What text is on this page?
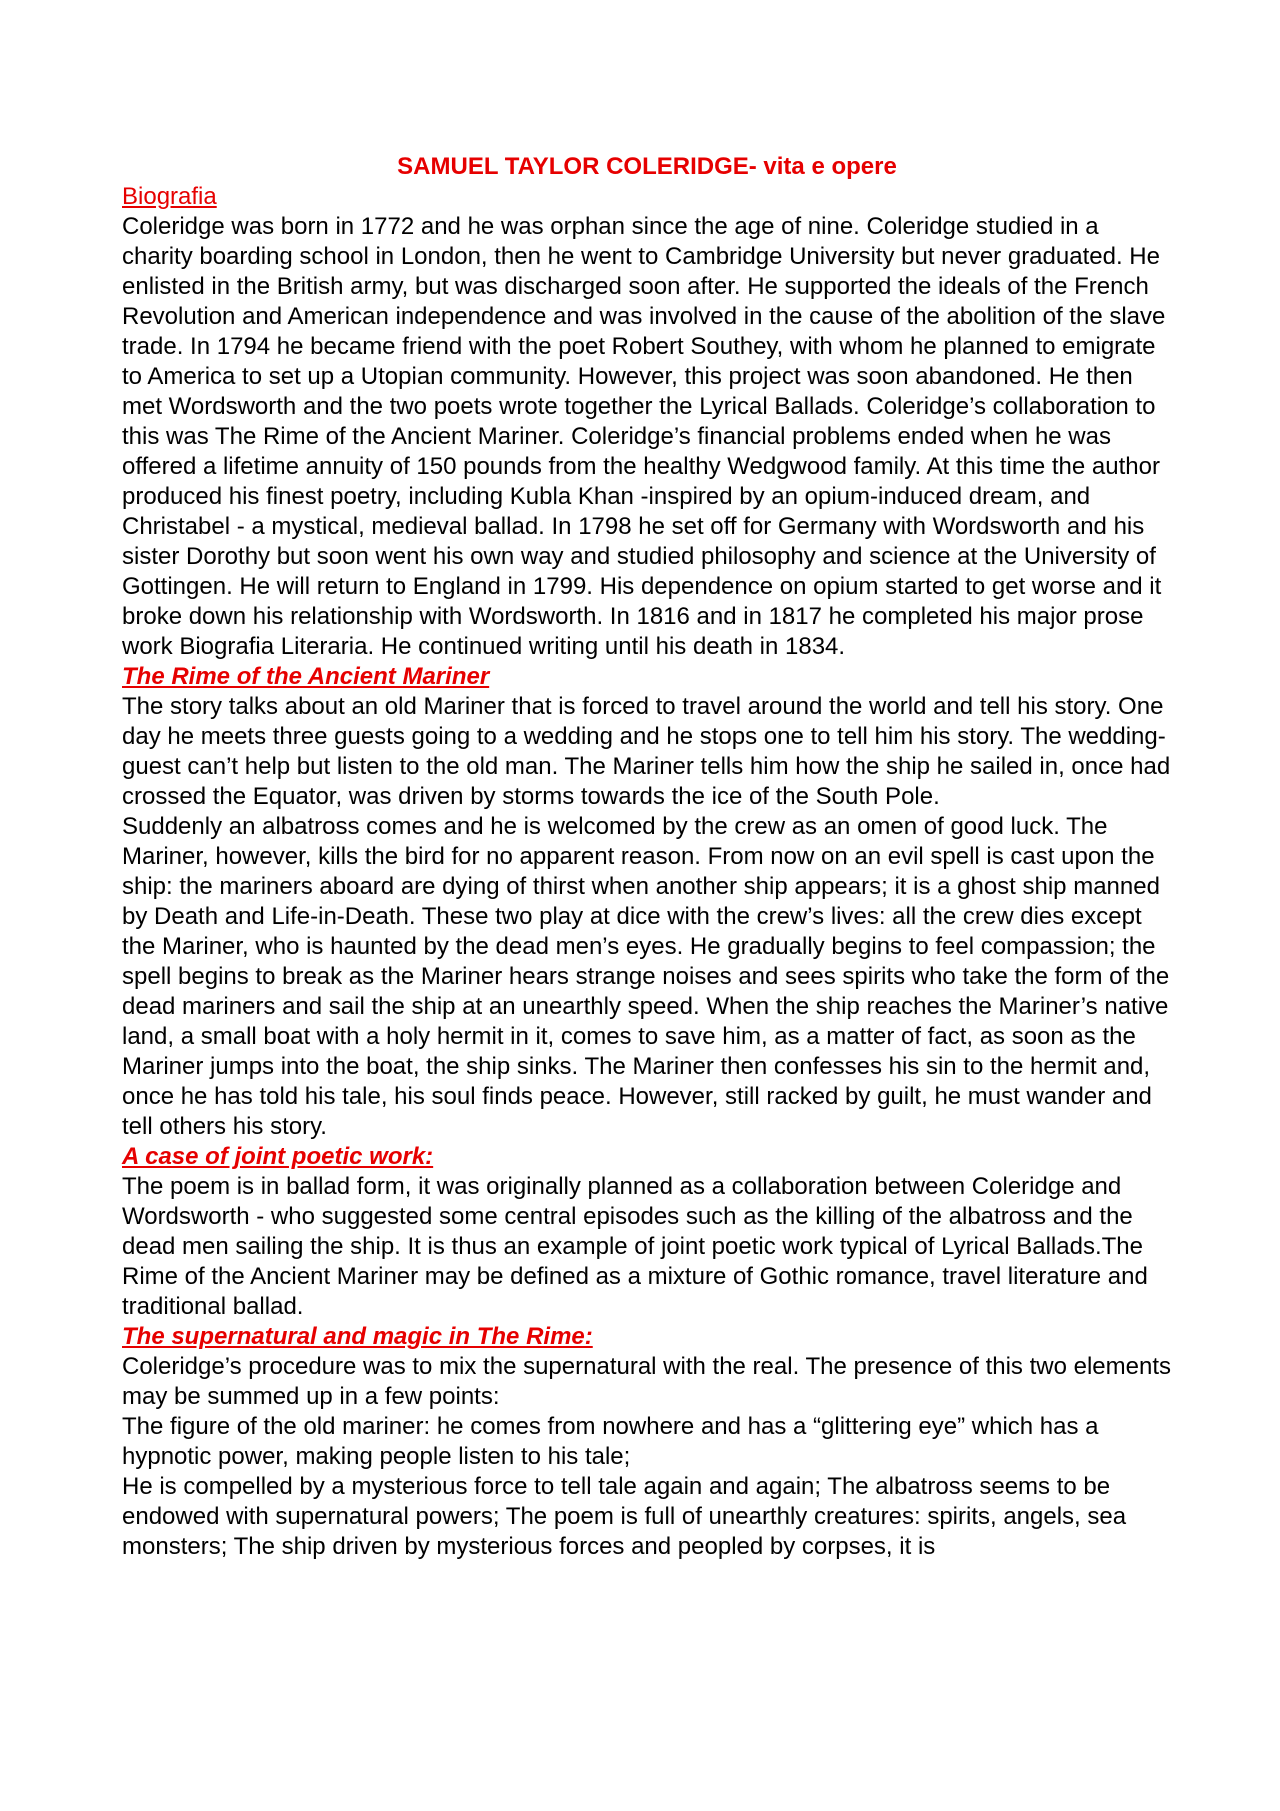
SAMUEL TAYLOR COLERIDGE- vita e opere
Biografia

Coleridge was born in 1772 and he was orphan since the age of nine. Coleridge studied in a charity boarding school in London, then he went to Cambridge University but never graduated. He enlisted in the British army, but was discharged soon after. He supported the ideals of the French Revolution and American independence and was involved in the cause of the abolition of the slave trade. In 1794 he became friend with the poet Robert Southey, with whom he planned to emigrate to America to set up a Utopian community. However, this project was soon abandoned. He then met Wordsworth and the two poets wrote together the Lyrical Ballads. Coleridge’s collaboration to this was The Rime of the Ancient Mariner. Coleridge’s financial problems ended when he was offered a lifetime annuity of 150 pounds from the healthy Wedgwood family. At this time the author produced his finest poetry, including Kubla Khan -inspired by an opium-induced dream, and Christabel - a mystical, medieval ballad. In 1798 he set off for Germany with Wordsworth and his sister Dorothy but soon went his own way and studied philosophy and science at the University of Gottingen. He will return to England in 1799. His dependence on opium started to get worse and it broke down his relationship with Wordsworth. In 1816 and in 1817 he completed his major prose work Biografia Literaria. He continued writing until his death in 1834.

The Rime of the Ancient Mariner

The story talks about an old Mariner that is forced to travel around the world and tell his story. One day he meets three guests going to a wedding and he stops one to tell him his story. The wedding-guest can’t help but listen to the old man. The Mariner tells him how the ship he sailed in, once had crossed the Equator, was driven by storms towards the ice of the South Pole.

Suddenly an albatross comes and he is welcomed by the crew as an omen of good luck. The Mariner, however, kills the bird for no apparent reason. From now on an evil spell is cast upon the ship: the mariners aboard are dying of thirst when another ship appears; it is a ghost ship manned by Death and Life-in-Death. These two play at dice with the crew’s lives: all the crew dies except the Mariner, who is haunted by the dead men’s eyes. He gradually begins to feel compassion; the spell begins to break as the Mariner hears strange noises and sees spirits who take the form of the dead mariners and sail the ship at an unearthly speed. When the ship reaches the Mariner’s native land, a small boat with a holy hermit in it, comes to save him, as a matter of fact, as soon as the Mariner jumps into the boat, the ship sinks. The Mariner then confesses his sin to the hermit and, once he has told his tale, his soul finds peace. However, still racked by guilt, he must wander and tell others his story.

A case of joint poetic work:

The poem is in ballad form, it was originally planned as a collaboration between Coleridge and Wordsworth - who suggested some central episodes such as the killing of the albatross and the dead men sailing the ship. It is thus an example of joint poetic work typical of Lyrical Ballads.The Rime of the Ancient Mariner may be defined as a mixture of Gothic romance, travel literature and traditional ballad.

The supernatural and magic in The Rime:

Coleridge’s procedure was to mix the supernatural with the real. The presence of this two elements may be summed up in a few points:

The figure of the old mariner: he comes from nowhere and has a “glittering eye” which has a hypnotic power, making people listen to his tale;

He is compelled by a mysterious force to tell tale again and again; The albatross seems to be endowed with supernatural powers; The poem is full of unearthly creatures: spirits, angels, sea monsters; The ship driven by mysterious forces and peopled by corpses, it is
